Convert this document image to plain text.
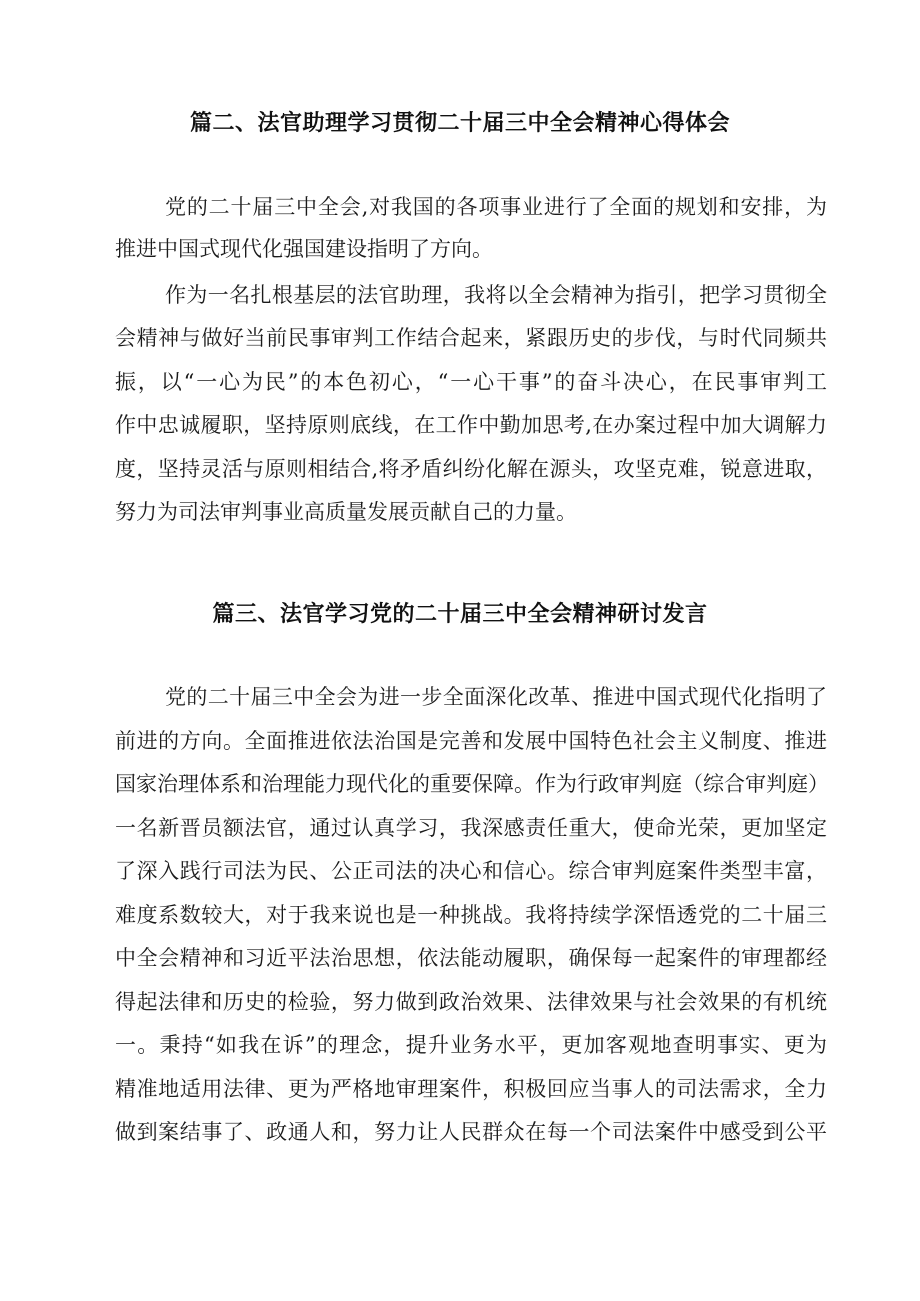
篇二、法官助理学习贯彻二十届三中全会精神心得体会
党的二十届三中全会,对我国的各项事业进行了全面的规划和安排，为
推进中国式现代化强国建设指明了方向。
作为一名扎根基层的法官助理，我将以全会精神为指引，把学习贯彻全
会精神与做好当前民事审判工作结合起来，紧跟历史的步伐，与时代同频共
振，以“一心为民”的本色初心，“一心干事”的奋斗决心，在民事审判工
作中忠诚履职，坚持原则底线，在工作中勤加思考,在办案过程中加大调解力
度，坚持灵活与原则相结合,将矛盾纠纷化解在源头，攻坚克难，锐意进取，
努力为司法审判事业高质量发展贡献自己的力量。
篇三、法官学习党的二十届三中全会精神研讨发言
党的二十届三中全会为进一步全面深化改革、推进中国式现代化指明了
前进的方向。全面推进依法治国是完善和发展中国特色社会主义制度、推进
国家治理体系和治理能力现代化的重要保障。作为行政审判庭（综合审判庭）
一名新晋员额法官，通过认真学习，我深感责任重大，使命光荣，更加坚定
了深入践行司法为民、公正司法的决心和信心。综合审判庭案件类型丰富，
难度系数较大，对于我来说也是一种挑战。我将持续学深悟透党的二十届三
中全会精神和习近平法治思想，依法能动履职，确保每一起案件的审理都经
得起法律和历史的检验，努力做到政治效果、法律效果与社会效果的有机统
一。秉持“如我在诉”的理念，提升业务水平，更加客观地查明事实、更为
精准地适用法律、更为严格地审理案件，积极回应当事人的司法需求，全力
做到案结事了、政通人和，努力让人民群众在每一个司法案件中感受到公平
